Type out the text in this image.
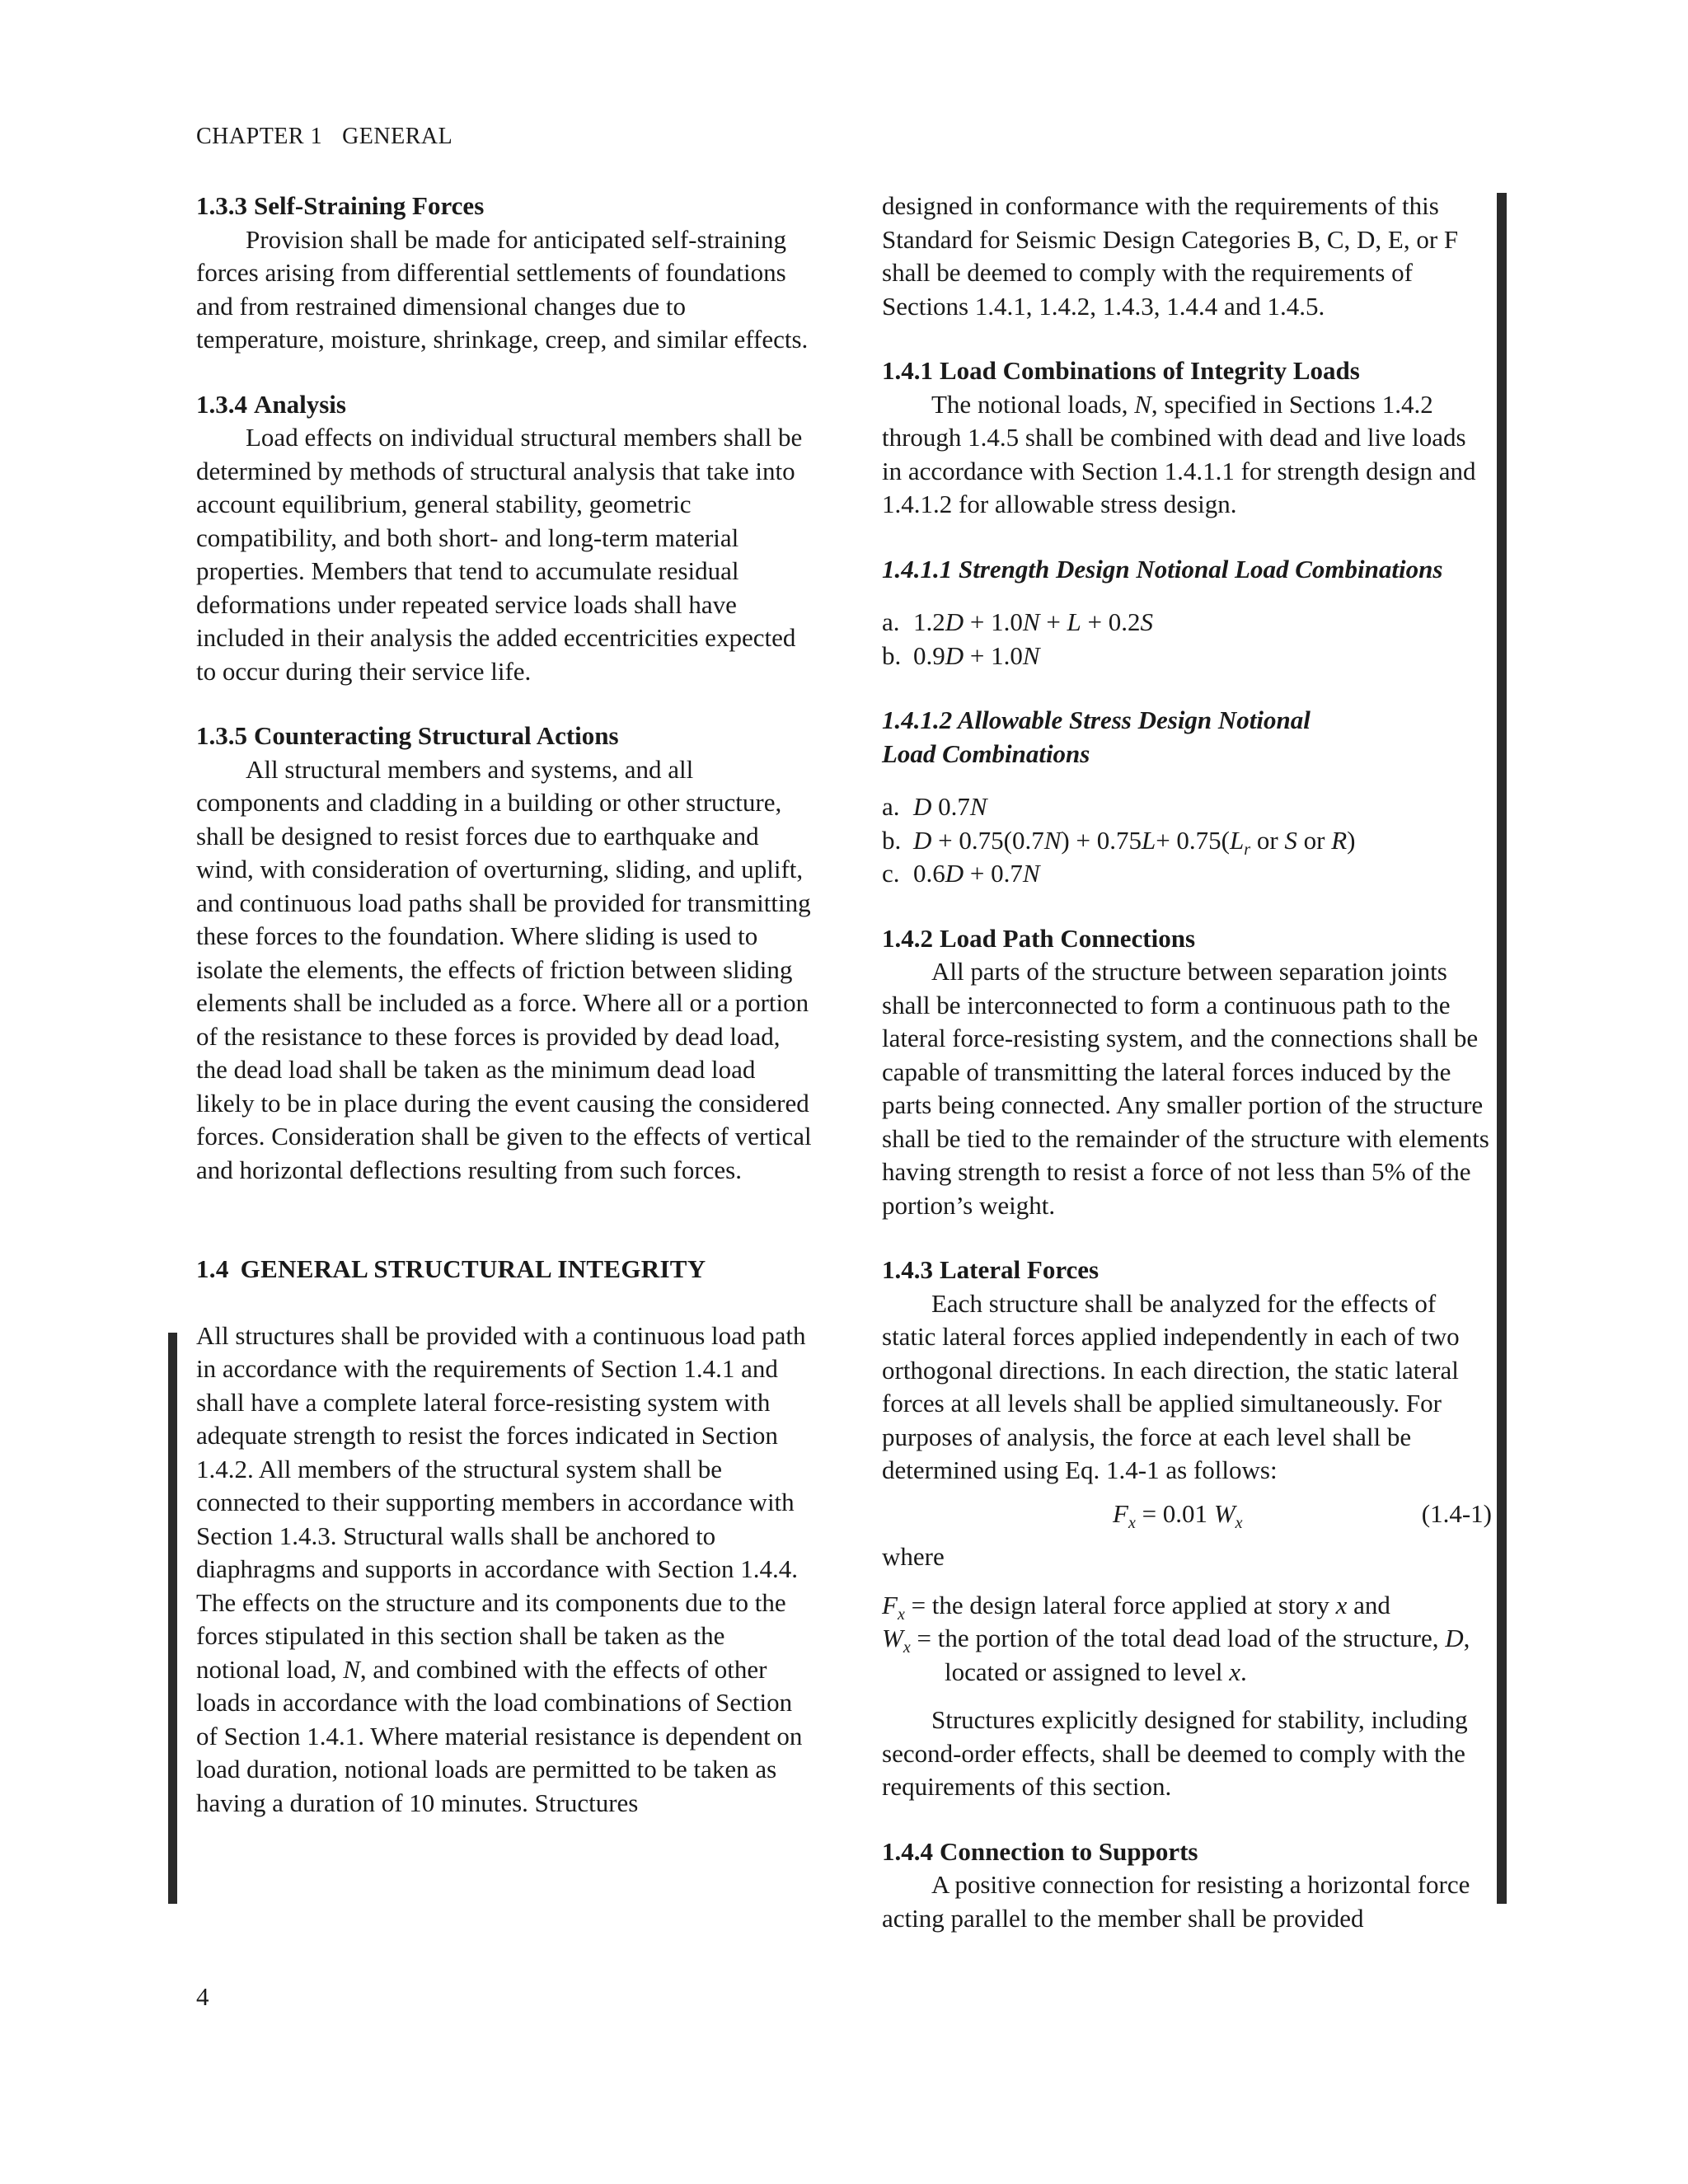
CHAPTER 1 GENERAL
1.3.3 Self-Straining Forces

Provision shall be made for anticipated self-straining forces arising from differential settlements of foundations and from restrained dimensional changes due to temperature, moisture, shrinkage, creep, and similar effects.

1.3.4 Analysis

Load effects on individual structural members shall be determined by methods of structural analysis that take into account equilibrium, general stability, geometric compatibility, and both short- and long-term material properties. Members that tend to accumulate residual deformations under repeated service loads shall have included in their analysis the added eccentricities expected to occur during their service life.

1.3.5 Counteracting Structural Actions

All structural members and systems, and all components and cladding in a building or other structure, shall be designed to resist forces due to earthquake and wind, with consideration of overturning, sliding, and uplift, and continuous load paths shall be provided for transmitting these forces to the foundation. Where sliding is used to isolate the elements, the effects of friction between sliding elements shall be included as a force. Where all or a portion of the resistance to these forces is provided by dead load, the dead load shall be taken as the minimum dead load likely to be in place during the event causing the considered forces. Consideration shall be given to the effects of vertical and horizontal deflections resulting from such forces.

1.4 GENERAL STRUCTURAL INTEGRITY

All structures shall be provided with a continuous load path in accordance with the requirements of Section 1.4.1 and shall have a complete lateral force-resisting system with adequate strength to resist the forces indicated in Section 1.4.2. All members of the structural system shall be connected to their supporting members in accordance with Section 1.4.3. Structural walls shall be anchored to diaphragms and supports in accordance with Section 1.4.4. The effects on the structure and its components due to the forces stipulated in this section shall be taken as the notional load, N, and combined with the effects of other loads in accordance with the load combinations of Section of Section 1.4.1. Where material resistance is dependent on load duration, notional loads are permitted to be taken as having a duration of 10 minutes. Structures

designed in conformance with the requirements of this Standard for Seismic Design Categories B, C, D, E, or F shall be deemed to comply with the requirements of Sections 1.4.1, 1.4.2, 1.4.3, 1.4.4 and 1.4.5.

1.4.1 Load Combinations of Integrity Loads

The notional loads, N, specified in Sections 1.4.2 through 1.4.5 shall be combined with dead and live loads in accordance with Section 1.4.1.1 for strength design and 1.4.1.2 for allowable stress design.

1.4.1.1 Strength Design Notional Load Combinations
a. 1.2D + 1.0N + L + 0.2S
b. 0.9D + 1.0N
1.4.1.2 Allowable Stress Design Notional
Load Combinations
a. D 0.7N
b. $D + 0.75(0.7N) + 0.75L+ 0.75(L_r$ or S or R)
c. 0.6D + 0.7N
1.4.2 Load Path Connections

All parts of the structure between separation joints shall be interconnected to form a continuous path to the lateral force-resisting system, and the connections shall be capable of transmitting the lateral forces induced by the parts being connected. Any smaller portion of the structure shall be tied to the remainder of the structure with elements having strength to resist a force of not less than 5% of the portion’s weight.

1.4.3 Lateral Forces

Each structure shall be analyzed for the effects of static lateral forces applied independently in each of two orthogonal directions. In each direction, the static lateral forces at all levels shall be applied simultaneously. For purposes of analysis, the force at each level shall be determined using Eq. 1.4-1 as follows:

$F_x = 0.01$ $W_x$	(1.4-1)

where

$F_x$ = the design lateral force applied at story x and

$W_x$ = the portion of the total dead load of the structure, D, located or assigned to level x.

Structures explicitly designed for stability, including second-order effects, shall be deemed to comply with the requirements of this section.

1.4.4 Connection to Supports

A positive connection for resisting a horizontal force acting parallel to the member shall be provided

4
